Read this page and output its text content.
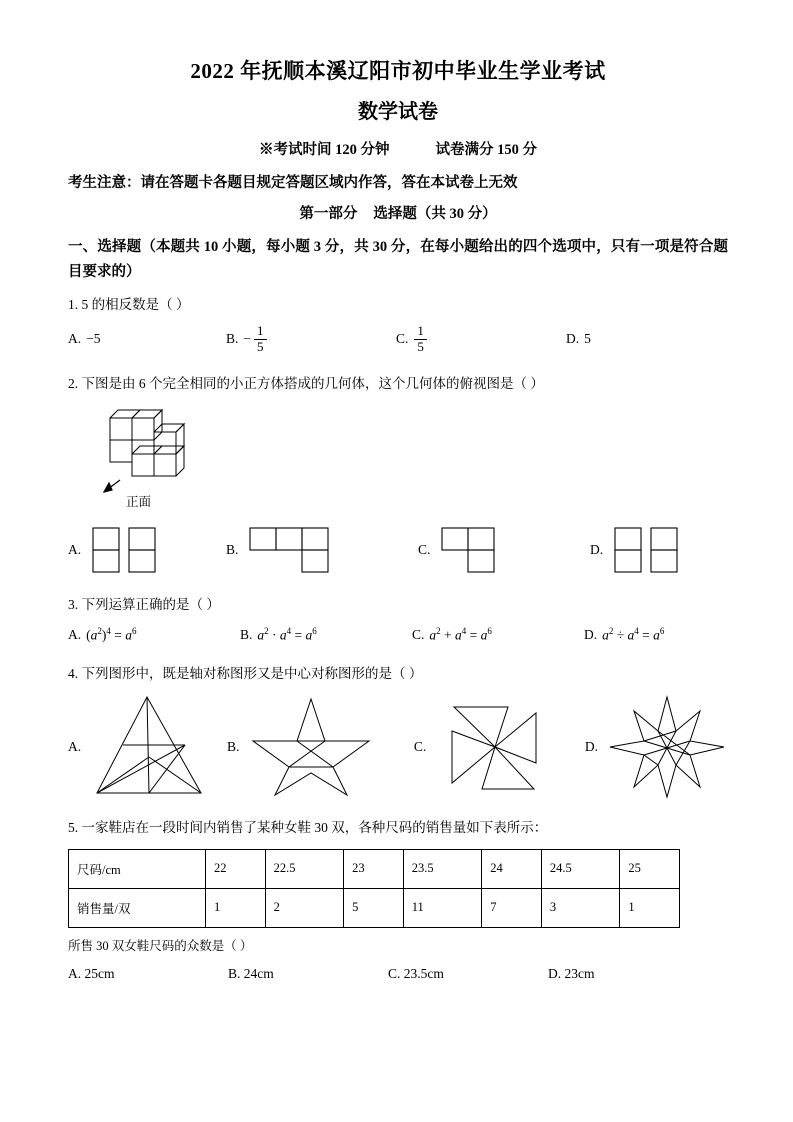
2022 年抚顺本溪辽阳市初中毕业生学业考试
数学试卷
※考试时间 120 分钟	试卷满分 150 分
考生注意：请在答题卡各题目规定答题区域内作答，答在本试卷上无效
第一部分 选择题（共 30 分）
一、选择题（本题共 10 小题，每小题 3 分，共 30 分，在每小题给出的四个选项中，只有一项是符合题目要求的）
1. 5 的相反数是（ ）
A. −5	B. − $\frac{1}{5}$	C. $\frac{1}{5}$	D. 5
2. 下图是由 6 个完全相同的小正方体搭成的几何体，这个几何体的俯视图是（ ）
正面
A.	B.	C.	D.
3. 下列运算正确的是（ ）
A. $(a^2)^4 = a^6$	B. $a^2 \cdot a^4 = a^6$	C. $a^2 + a^4 = a^6$	D. $a^2 \div a^4 = a^6$
4. 下列图形中，既是轴对称图形又是中心对称图形的是（ ）
A.	B.	C.	D.
5. 一家鞋店在一段时间内销售了某种女鞋 30 双，各种尺码的销售量如下表所示：
尺码/cm	22	22.5	23	23.5	24	24.5	25
销售量/双	1	2	5	11	7	3	1
所售 30 双女鞋尺码的众数是（ ）
A. 25cm	B. 24cm	C. 23.5cm	D. 23cm
